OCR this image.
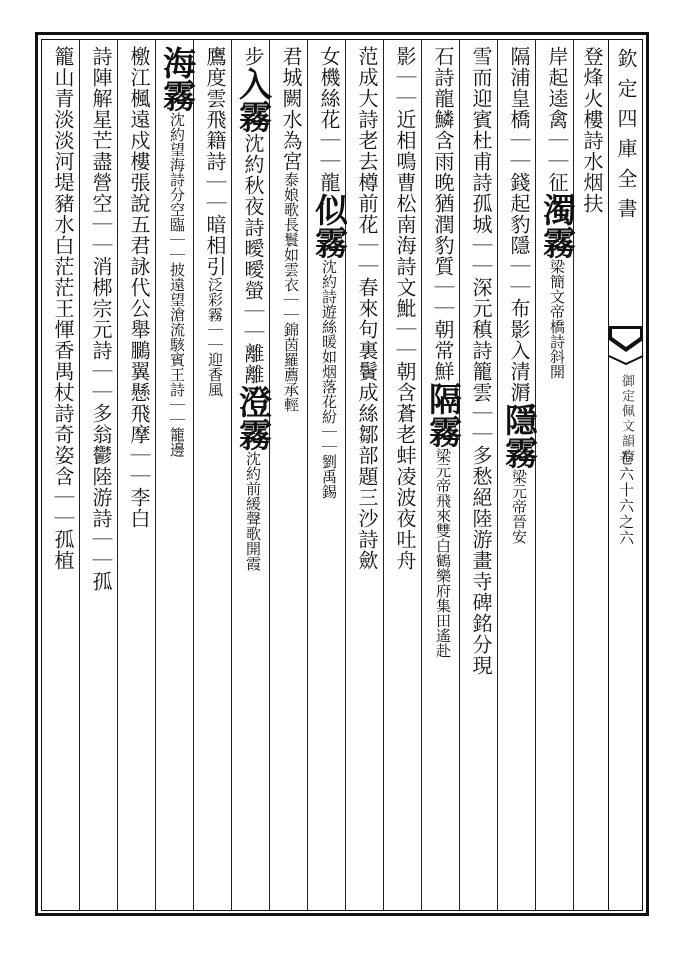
欽定四庫全書
御定佩文韻府
卷六十六之六
登烽火樓詩水烟扶
岸起逵禽｜｜征濁霧梁簡文帝橋詩斜開
隔浦皇橋｜｜錢起豹隱｜｜布影入清漘隱霧梁元帝晉安
雪而迎賓杜甫詩孤城｜｜深元稹詩籠雲｜｜多愁絕陸游畫寺碑銘分現
石詩龍鱗含雨晚猶潤豹質｜｜朝常鮮隔霧梁元帝飛來雙白鶴樂府集田遙赴
影｜｜近相鳴曹松南海詩文魮｜｜朝含蒼老蚌凌波夜吐舟
范成大詩老去樽前花｜｜春來句裏鬢成絲鄒部題三沙詩歛
女機絲花｜｜龍似霧沈約詩遊絲暖如烟落花紛｜｜劉禹錫
君城闕水為宮泰娘歌長鬟如雲衣｜｜錦茵羅薦承輕
步入霧沈約秋夜詩曖曖螢｜｜離離澄霧沈約前緩聲歌開霞
鷹度雲飛籍詩｜｜暗相引泛彩霧｜｜迎香風
海霧沈約望海詩分空臨｜｜披遠望滄流駭賓王詩｜｜籠邊
檄江楓遠戍樓張說五君詠代公舉鵩翼懸飛摩｜｜李白
詩陣解星芒盡營空｜｜消梆宗元詩｜｜多翁鬱陸游詩｜｜孤
籠山青淡淡河堤豬水白茫茫王惲香禺杖詩奇姿含｜｜孤植
